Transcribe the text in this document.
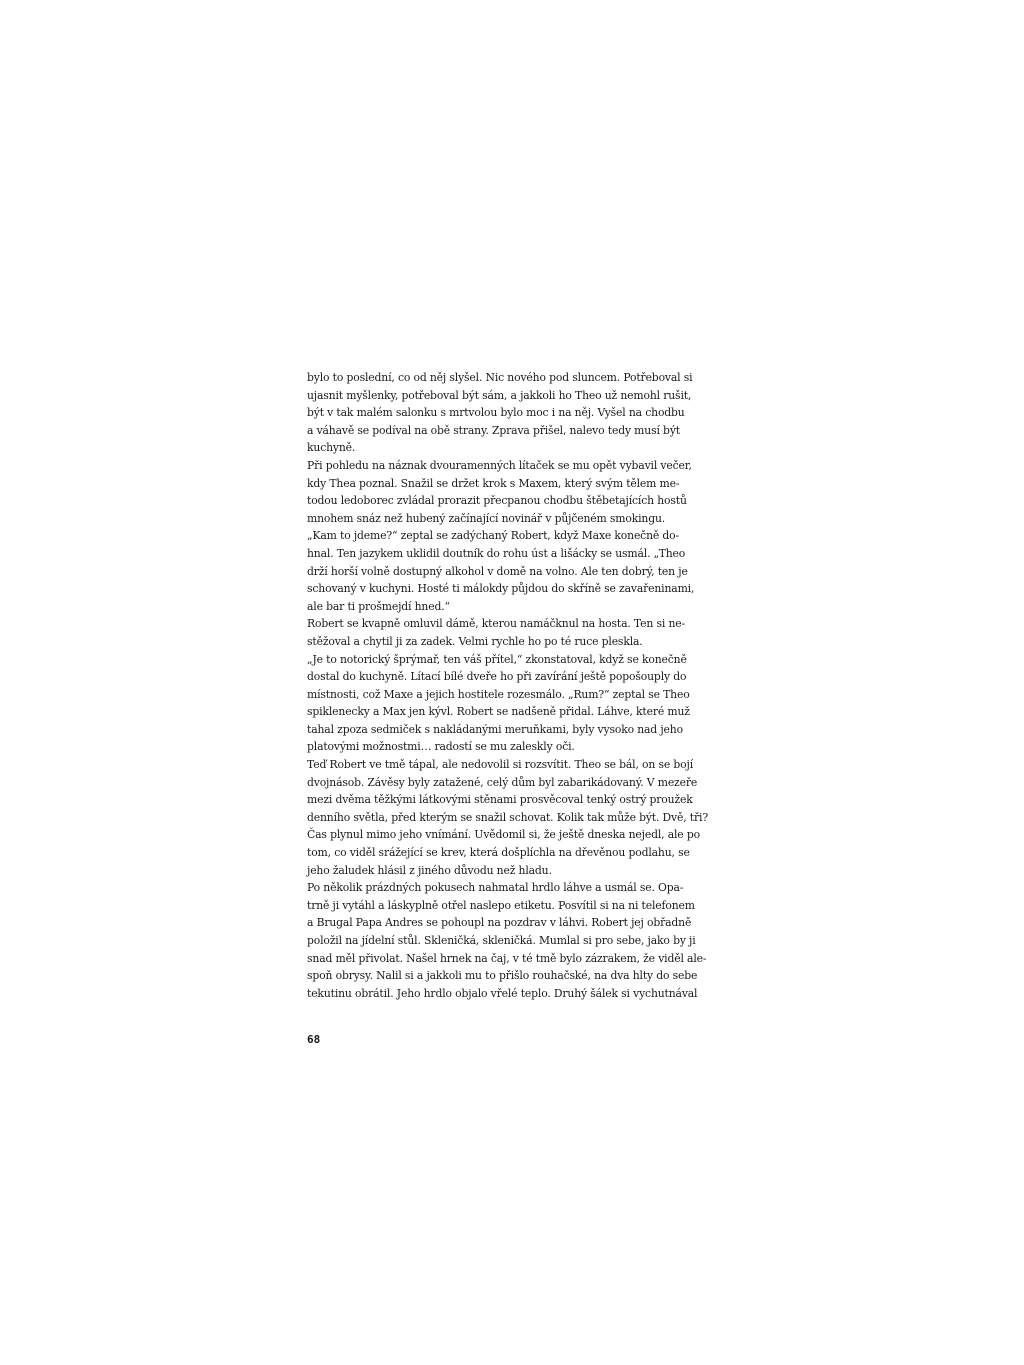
bylo to poslední, co od něj slyšel. Nic nového pod sluncem. Potřeboval si
ujasnit myšlenky, potřeboval být sám, a jakkoli ho Theo už nemohl rušit,
být v tak malém salonku s mrtvolou bylo moc i na něj. Vyšel na chodbu
a váhavě se podíval na obě strany. Zprava přišel, nalevo tedy musí být
kuchyně.
Při pohledu na náznak dvouramenných lítaček se mu opět vybavil večer,
kdy Thea poznal. Snažil se držet krok s Maxem, který svým tělem me-
todou ledoborec zvládal prorazit přecpanou chodbu štěbetajících hostů
mnohem snáz než hubený začínající novinář v půjčeném smokingu.
„Kam to jdeme?“ zeptal se zadýchaný Robert, když Maxe konečně do-
hnal. Ten jazykem uklidil doutník do rohu úst a lišácky se usmál. „Theo
drží horší volně dostupný alkohol v domě na volno. Ale ten dobrý, ten je
schovaný v kuchyni. Hosté ti málokdy půjdou do skříně se zavařeninami,
ale bar ti prošmejdí hned.“
Robert se kvapně omluvil dámě, kterou namáčknul na hosta. Ten si ne-
stěžoval a chytil ji za zadek. Velmi rychle ho po té ruce pleskla.
„Je to notorický šprýmař, ten váš přítel,“ zkonstatoval, když se konečně
dostal do kuchyně. Lítací bílé dveře ho při zavírání ještě popošouply do
místnosti, což Maxe a jejich hostitele rozesmálo. „Rum?“ zeptal se Theo
spiklenecky a Max jen kývl. Robert se nadšeně přidal. Láhve, které muž
tahal zpoza sedmiček s nakládanými meruňkami, byly vysoko nad jeho
platovými možnostmi… radostí se mu zaleskly oči.
Teď Robert ve tmě tápal, ale nedovolil si rozsvítit. Theo se bál, on se bojí
dvojnásob. Závěsy byly zatažené, celý dům byl zabarikádovaný. V mezeře
mezi dvěma těžkými látkovými stěnami prosvěcoval tenký ostrý proužek
denního světla, před kterým se snažil schovat. Kolik tak může být. Dvě, tři?
Čas plynul mimo jeho vnímání. Uvědomil si, že ještě dneska nejedl, ale po
tom, co viděl srážející se krev, která došplíchla na dřevěnou podlahu, se
jeho žaludek hlásil z jiného důvodu než hladu.
Po několik prázdných pokusech nahmatal hrdlo láhve a usmál se. Opa-
trně ji vytáhl a láskyplně otřel naslepo etiketu. Posvítil si na ni telefonem
a Brugal Papa Andres se pohoupl na pozdrav v láhvi. Robert jej obřadně
položil na jídelní stůl. Skleničká, skleničká. Mumlal si pro sebe, jako by ji
snad měl přivolat. Našel hrnek na čaj, v té tmě bylo zázrakem, že viděl ale-
spoň obrysy. Nalil si a jakkoli mu to přišlo rouhačské, na dva hlty do sebe
tekutinu obrátil. Jeho hrdlo objalo vřelé teplo. Druhý šálek si vychutnával
68
